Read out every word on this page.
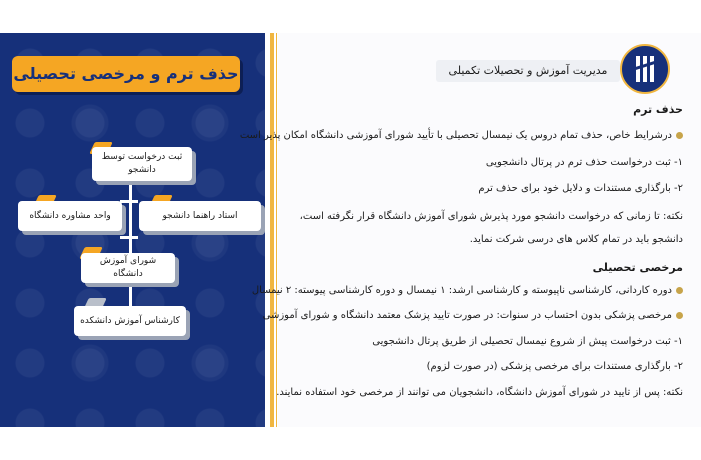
حذف ترم و مرخصی تحصیلی
ثبت درخواست توسط دانشجو
استاد راهنما دانشجو
واحد مشاوره دانشگاه
شورای آموزش دانشگاه
کارشناس آموزش دانشکده
مدیریت آموزش و تحصیلات تکمیلی
حذف ترم
درشرایط خاص، حذف تمام دروس یک نیمسال تحصیلی با تأیید شورای آموزشی دانشگاه امکان پذیر است
۱- ثبت درخواست حذف ترم در پرتال دانشجویی
۲- بارگذاری مستندات و دلایل خود برای حذف ترم
نکته: تا زمانی که درخواست دانشجو مورد پذیرش شورای آموزش دانشگاه قرار نگرفته است،
دانشجو باید در تمام کلاس های درسی شرکت نماید.
مرخصی تحصیلی
دوره کاردانی، کارشناسی ناپیوسته و کارشناسی ارشد: ۱ نیمسال و دوره کارشناسی پیوسته: ۲ نیمسال
مرخصی پزشکی بدون احتساب در سنوات: در صورت تایید پزشک معتمد دانشگاه و شورای آموزشی
۱- ثبت درخواست پیش از شروع نیمسال تحصیلی از طریق پرتال دانشجویی
۲- بارگذاری مستندات برای مرخصی پزشکی (در صورت لزوم)
نکته: پس از تایید در شورای آموزش دانشگاه، دانشجویان می توانند از مرخصی خود استفاده نمایند.
